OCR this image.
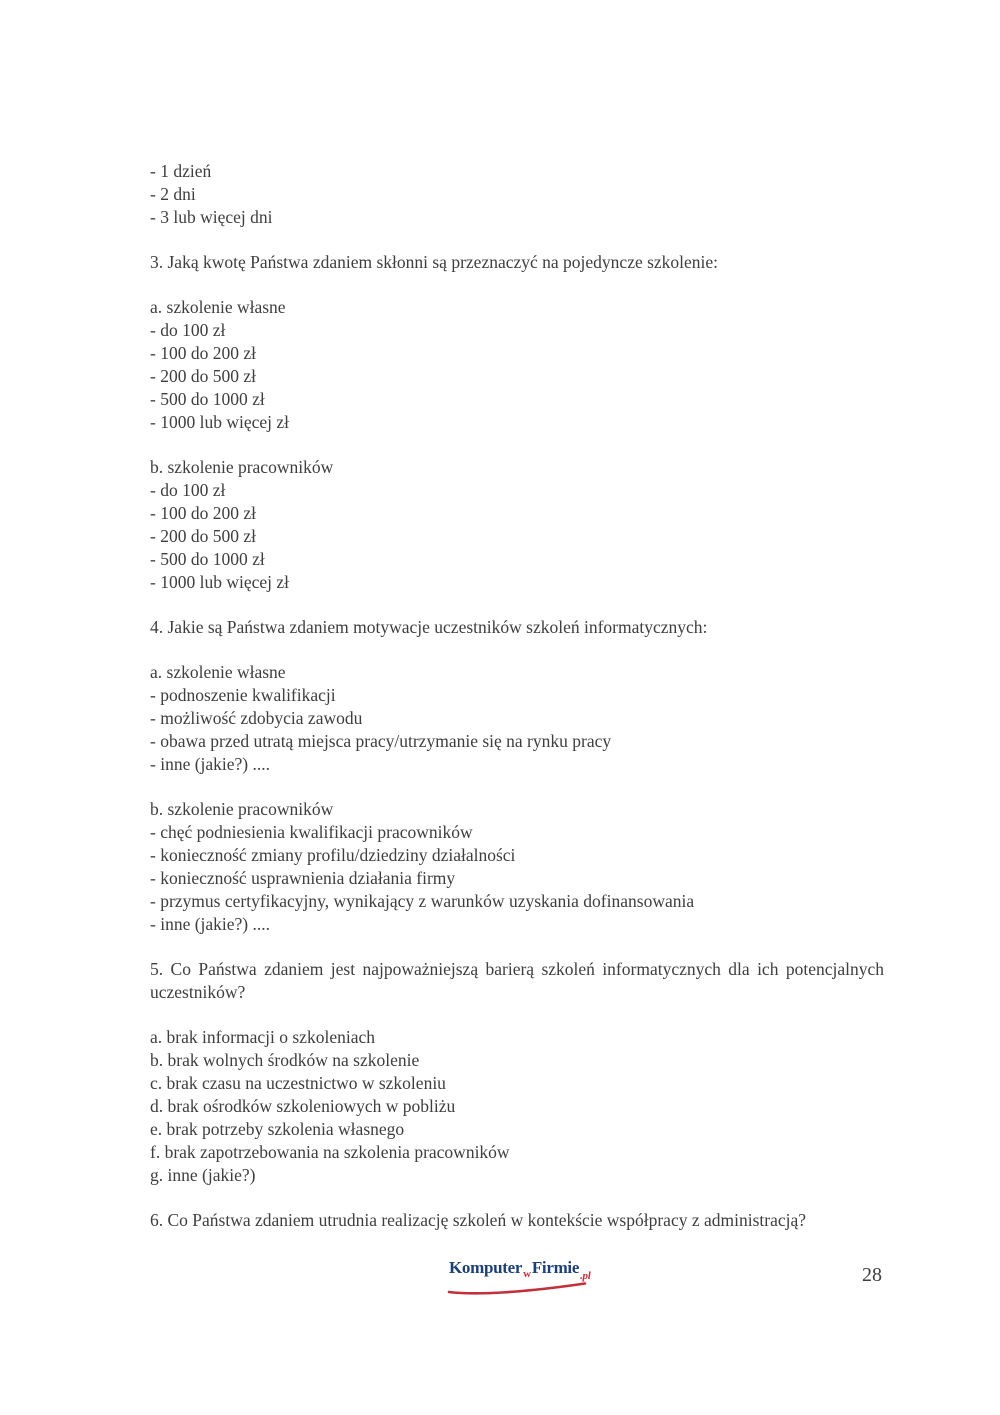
- 1 dzień
- 2 dni
- 3 lub więcej dni
3. Jaką kwotę Państwa zdaniem skłonni są przeznaczyć na pojedyncze szkolenie:
a. szkolenie własne
- do 100 zł
- 100 do 200 zł
- 200 do 500 zł
- 500 do 1000 zł
- 1000 lub więcej zł
b. szkolenie pracowników
- do 100 zł
- 100 do 200 zł
- 200 do 500 zł
- 500 do 1000 zł
- 1000 lub więcej zł
4. Jakie są Państwa zdaniem motywacje uczestników szkoleń informatycznych:
a. szkolenie własne
- podnoszenie kwalifikacji
- możliwość zdobycia zawodu
- obawa przed utratą miejsca pracy/utrzymanie się na rynku pracy
- inne (jakie?) ....
b. szkolenie pracowników
- chęć podniesienia kwalifikacji pracowników
- konieczność zmiany profilu/dziedziny działalności
- konieczność usprawnienia działania firmy
- przymus certyfikacyjny, wynikający z warunków uzyskania dofinansowania
- inne (jakie?) ....
5. Co Państwa zdaniem jest najpoważniejszą barierą szkoleń informatycznych dla ich potencjalnych uczestników?
a. brak informacji o szkoleniach
b. brak wolnych środków na szkolenie
c. brak czasu na uczestnictwo w szkoleniu
d. brak ośrodków szkoleniowych w pobliżu
e. brak potrzeby szkolenia własnego
f. brak zapotrzebowania na szkolenia pracowników
g. inne (jakie?)
6. Co Państwa zdaniem utrudnia realizację szkoleń w kontekście współpracy z administracją?
Komputer$_w$Firmie$_{.pl}$	28
